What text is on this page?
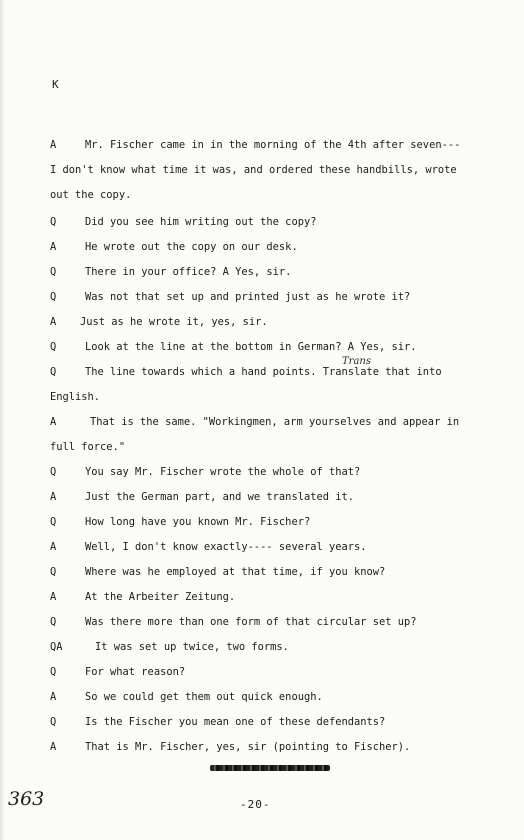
K
A	Mr. Fischer came in in the morning of the 4th after seven---
I don't know what time it was, and ordered these handbills, wrote
out the copy.
Q	Did you see him writing out the copy?
A	He wrote out the copy on our desk.
Q	There in your office? A Yes, sir.
Q	Was not that set up and printed just as he wrote it?
A Just as he wrote it, yes, sir.
Q	Look at the line at the bottom in German? A Yes, sir.
Q	The line towards which a hand points. Translate that into
English.
A	That is the same. "Workingmen, arm yourselves and appear in
full force."
Q	You say Mr. Fischer wrote the whole of that?
A	Just the German part, and we translated it.
Q	How long have you known Mr. Fischer?
A	Well, I don't know exactly---- several years.
Q	Where was he employed at that time, if you know?
A	At the Arbeiter Zeitung.
Q	Was there more than one form of that circular set up?
QA	It was set up twice, two forms.
Q	For what reason?
A	So we could get them out quick enough.
Q	Is the Fischer you mean one of these defendants?
A	That is Mr. Fischer, yes, sir (pointing to Fischer).
Trans
-20-
363
